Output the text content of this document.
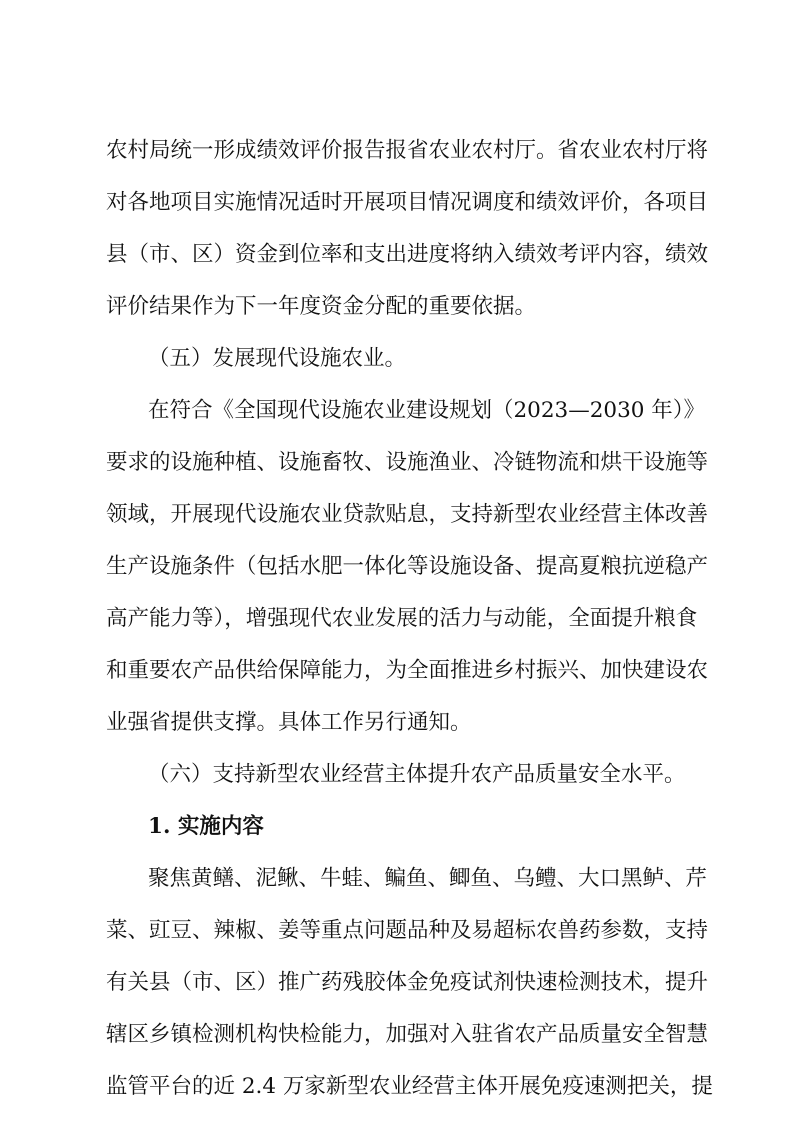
农村局统一形成绩效评价报告报省农业农村厅。省农业农村厅将
对各地项目实施情况适时开展项目情况调度和绩效评价，各项目
县（市、区）资金到位率和支出进度将纳入绩效考评内容，绩效
评价结果作为下一年度资金分配的重要依据。
（五）发展现代设施农业。
在符合《全国现代设施农业建设规划（2023—2030 年）》
要求的设施种植、设施畜牧、设施渔业、冷链物流和烘干设施等
领域，开展现代设施农业贷款贴息，支持新型农业经营主体改善
生产设施条件（包括水肥一体化等设施设备、提高夏粮抗逆稳产
高产能力等），增强现代农业发展的活力与动能，全面提升粮食
和重要农产品供给保障能力，为全面推进乡村振兴、加快建设农
业强省提供支撑。具体工作另行通知。
（六）支持新型农业经营主体提升农产品质量安全水平。
1. 实施内容
聚焦黄鳝、泥鳅、牛蛙、鳊鱼、鲫鱼、乌鳢、大口黑鲈、芹
菜、豇豆、辣椒、姜等重点问题品种及易超标农兽药参数，支持
有关县（市、区）推广药残胶体金免疫试剂快速检测技术，提升
辖区乡镇检测机构快检能力，加强对入驻省农产品质量安全智慧
监管平台的近 2.4 万家新型农业经营主体开展免疫速测把关，提
